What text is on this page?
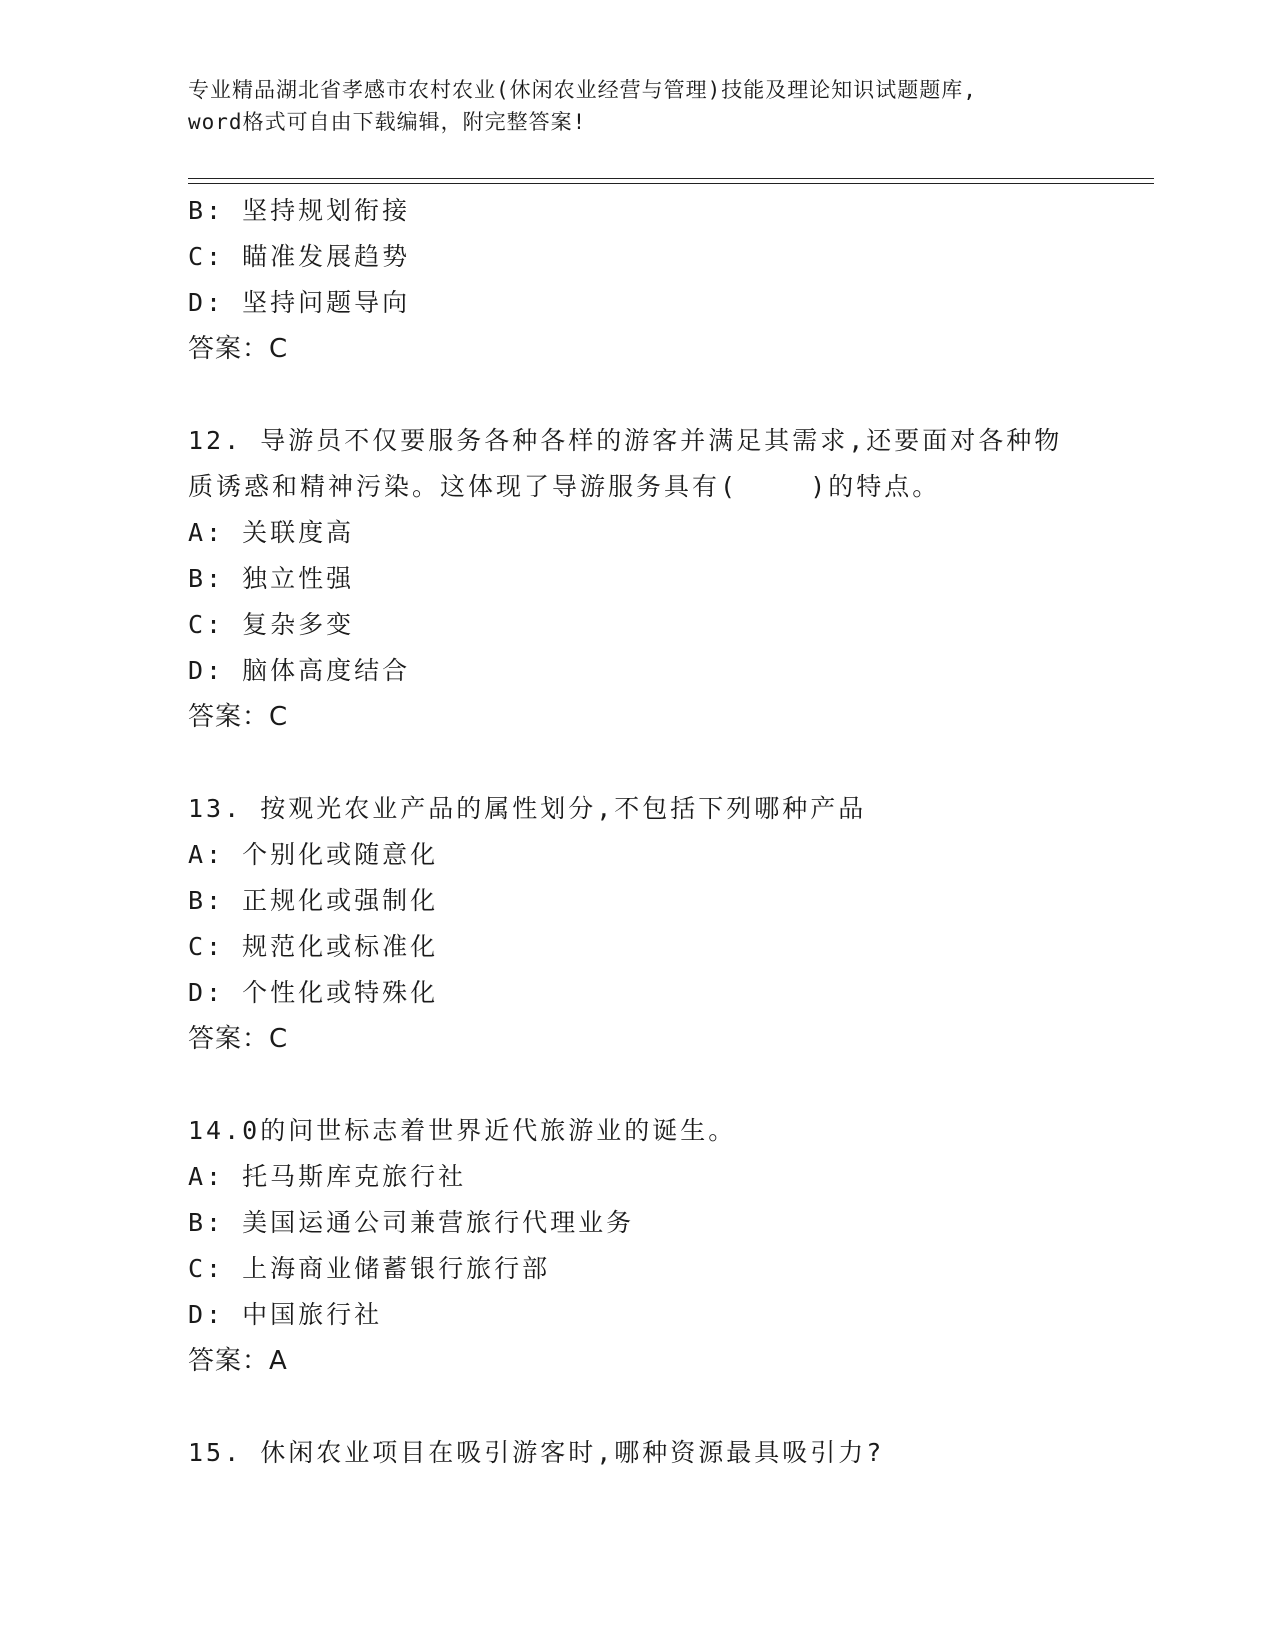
专业精品湖北省孝感市农村农业(休闲农业经营与管理)技能及理论知识试题题库,
word格式可自由下载编辑，附完整答案!
B: 坚持规划衔接
C: 瞄准发展趋势
D: 坚持问题导向
答案：C
12. 导游员不仅要服务各种各样的游客并满足其需求,还要面对各种物
质诱惑和精神污染。这体现了导游服务具有(    )的特点。
A: 关联度高
B: 独立性强
C: 复杂多变
D: 脑体高度结合
答案：C
13. 按观光农业产品的属性划分,不包括下列哪种产品
A: 个别化或随意化
B: 正规化或强制化
C: 规范化或标准化
D: 个性化或特殊化
答案：C
14.0的问世标志着世界近代旅游业的诞生。
A: 托马斯库克旅行社
B: 美国运通公司兼营旅行代理业务
C: 上海商业储蓄银行旅行部
D: 中国旅行社
答案：A
15. 休闲农业项目在吸引游客时,哪种资源最具吸引力?
